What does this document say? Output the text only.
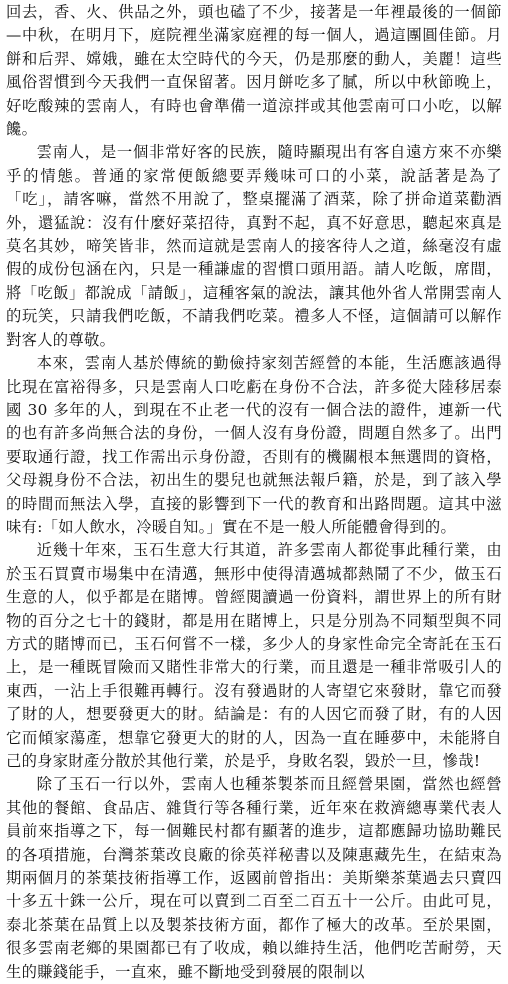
回去，香、火、供品之外，頭也磕了不少，接著是一年裡最後的一個節—中秋，在明月下，庭院裡坐滿家庭裡的每一個人，過這團圓佳節。月餅和后羿、嫦娥，雖在太空時代的今天，仍是那麼的動人，美麗！這些風俗習慣到今天我們一直保留著。因月餅吃多了膩，所以中秋節晚上，好吃酸辣的雲南人，有時也會準備一道涼拌或其他雲南可口小吃，以解饞。

雲南人，是一個非常好客的民族，隨時顯現出有客自遠方來不亦樂乎的情態。普通的家常便飯總要弄幾味可口的小菜，說話著是為了「吃」，請客嘛，當然不用說了，整桌擺滿了酒菜，除了拼命道菜勸酒外，還猛說：沒有什麼好菜招待，真對不起，真不好意思，聽起來真是莫名其妙，啼笑皆非，然而這就是雲南人的接客待人之道，絲毫沒有虛假的成份包涵在內，只是一種謙虛的習慣口頭用語。請人吃飯，席間，將「吃飯」都說成「請飯」，這種客氣的說法，讓其他外省人常開雲南人的玩笑，只請我們吃飯，不請我們吃菜。禮多人不怪，這個請可以解作對客人的尊敬。

本來，雲南人基於傳統的勤儉持家刻苦經營的本能，生活應該過得比現在富裕得多，只是雲南人口吃虧在身份不合法，許多從大陸移居泰國 30 多年的人，到現在不止老一代的沒有一個合法的證件，連新一代的也有許多尚無合法的身份，一個人沒有身份證，問題自然多了。出門要取通行證，找工作需出示身份證，否則有的機關根本無選問的資格，父母親身份不合法，初出生的嬰兒也就無法報戶籍，於是，到了該入學的時間而無法入學，直接的影響到下一代的教育和出路問題。這其中滋味有:「如人飲水，冷暖自知。」實在不是一般人所能體會得到的。

近幾十年來，玉石生意大行其道，許多雲南人都從事此種行業，由於玉石買賣市場集中在清邁，無形中使得清邁城都熱鬧了不少，做玉石生意的人，似乎都是在賭博。曾經閱讀過一份資料，謂世界上的所有財物的百分之七十的錢財，都是用在賭博上，只是分別為不同類型與不同方式的賭博而已，玉石何嘗不一樣，多少人的身家性命完全寄託在玉石上，是一種既冒險而又賭性非常大的行業，而且還是一種非常吸引人的東西，一沾上手很難再轉行。沒有發過財的人寄望它來發財，靠它而發了財的人，想要發更大的財。結論是：有的人因它而發了財，有的人因它而傾家蕩產，想靠它發更大的財的人，因為一直在睡夢中，未能將自己的身家財產分散於其他行業，於是乎，身敗名裂，毀於一旦，慘哉!

除了玉石一行以外，雲南人也種茶製茶而且經營果園，當然也經營其他的餐館、食品店、雜貨行等各種行業，近年來在救濟總專業代表人員前來指導之下，每一個難民村都有顯著的進步，這都應歸功協助難民的各項措施，台灣茶葉改良廠的徐英祥秘書以及陳惠藏先生，在結束為期兩個月的茶葉技術指導工作，返國前曾指出：美斯樂茶葉過去只賣四十多五十銖一公斤，現在可以賣到二百至二百五十一公斤。由此可見，泰北茶葉在品質上以及製茶技術方面，都作了極大的改革。至於果園，很多雲南老鄉的果園都已有了收成，賴以維持生活，他們吃苦耐勞，天生的賺錢能手，一直來，雖不斷地受到發展的限制以
